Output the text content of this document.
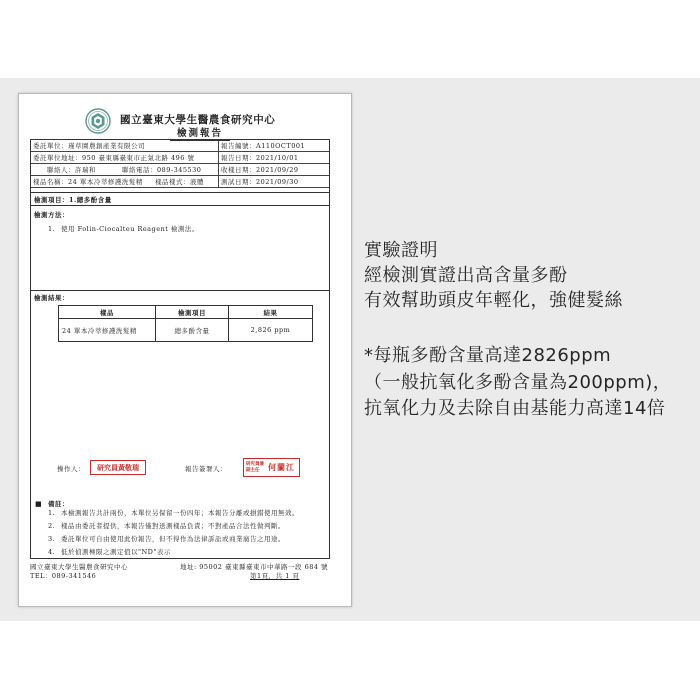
國立臺東大學生醫農食研究中心
檢測報告
委託單位：瑾草園農創產業有限公司	報告編號：A110OCT001
委託單位地址：950 臺東縣臺東市正氣北路 496 號	報告日期：2021/10/01
聯絡人：許瑞和	聯絡電話：089-345530	收樣日期：2021/09/29
樣品名稱：24 單本冷萃修護洗髮精 樣品樣式：液體	測試日期：2021/09/30
檢測項目：1.總多酚含量
檢測方法：
1. 使用 Folin-Ciocalteu Reagent 檢測法。
檢測結果：
樣品	檢測項目	結果
24 單本冷萃修護洗髮精	總多酚含量	2,826 ppm
操作人：	研究員黃敬瑞	報告簽署人：
研究員兼副主任	何蘭江
■ 備註：
1. 本檢測報告共計兩份，本單位另保留一份四年；本報告分離或損錯使用無效。
2. 樣品由委託者提供，本報告僅對送測樣品負責；不對產品合法性做判斷。
3. 委託單位可自由使用此份報告，但不得作為法律訴訟或商業廣告之用途。
4. 低於偵測極限之測定值以"ND"表示
國立臺東大學生醫農食研究中心	地址: 95002 臺東縣臺東市中華路一段 684 號
TEL：089-341546	第1頁，共 1 頁
實驗證明
經檢測實證出高含量多酚
有效幫助頭皮年輕化，強健髮絲
*每瓶多酚含量高達2826ppm
（一般抗氧化多酚含量為200ppm)，
抗氧化力及去除自由基能力高達14倍
